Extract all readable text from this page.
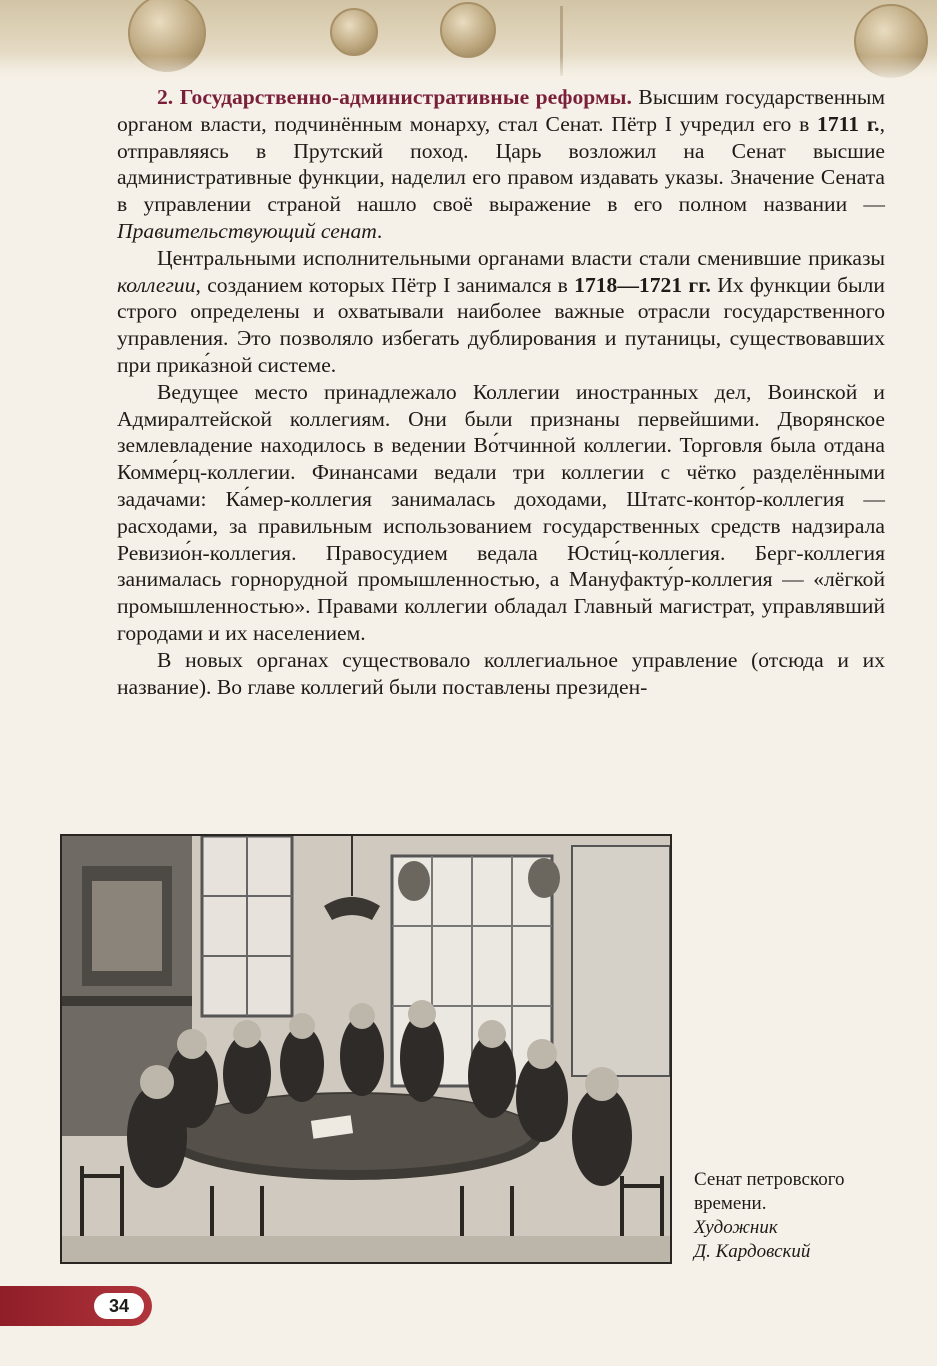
2. Государственно-административные реформы. Высшим государственным органом власти, подчинённым монарху, стал Сенат. Пётр I учредил его в 1711 г., отправляясь в Прутский поход. Царь возложил на Сенат высшие административные функции, наделил его правом издавать указы. Значение Сената в управлении страной нашло своё выражение в его полном названии — Правительствующий сенат.

Центральными исполнительными органами власти стали сменившие приказы коллегии, созданием которых Пётр I занимался в 1718—1721 гг. Их функции были строго определены и охватывали наиболее важные отрасли государственного управления. Это позволяло избегать дублирования и путаницы, существовавших при прика́зной системе.

Ведущее место принадлежало Коллегии иностранных дел, Воинской и Адмиралтейской коллегиям. Они были признаны первейшими. Дворянское землевладение находилось в ведении Во́тчинной коллегии. Торговля была отдана Комме́рц-коллегии. Финансами ведали три коллегии с чётко разделёнными задачами: Ка́мер-коллегия занималась доходами, Штатс-конто́р-коллегия — расходами, за правильным использованием государственных средств надзирала Ревизио́н-коллегия. Правосудием ведала Юсти́ц-коллегия. Берг-коллегия занималась горнорудной промышленностью, а Мануфакту́р-коллегия — «лёгкой промышленностью». Правами коллегии обладал Главный магистрат, управлявший городами и их населением.

В новых органах существовало коллегиальное управление (отсюда и их название). Во главе коллегий были поставлены президен-

Сенат петровского
времени.
Художник
Д. Кардовский
34
